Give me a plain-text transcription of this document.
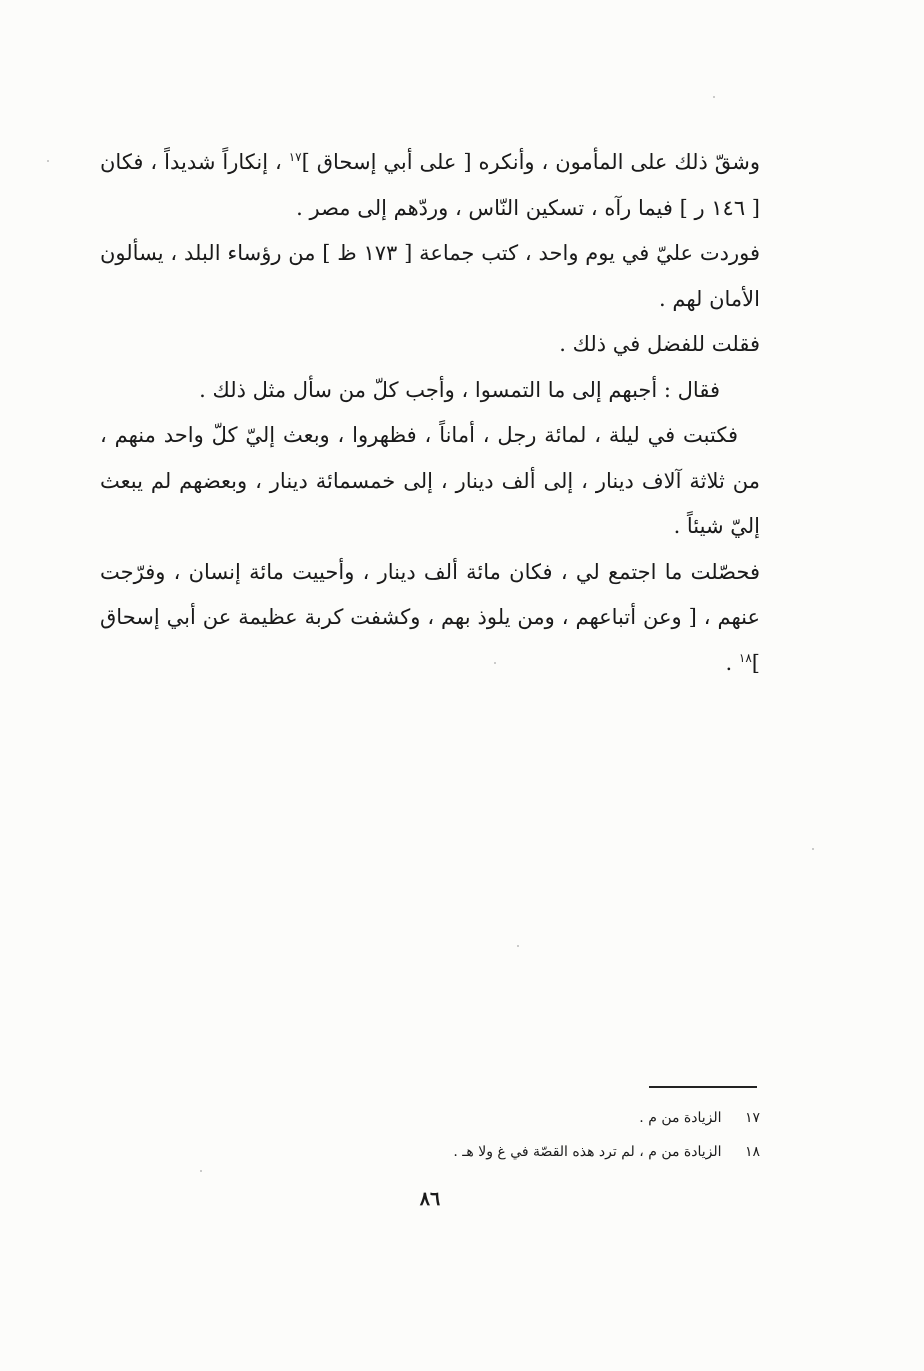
وشقّ ذلك على المأمون ، وأنكره [ على أبي إسحاق ]$^{١٧}$ ، إنكاراً شديداً ، فكان [ ١٤٦ ر ] فيما رآه ، تسكين النّاس ، وردّهم إلى مصر .

فوردت عليّ في يوم واحد ، كتب جماعة [ ١٧٣ ظ ] من رؤساء البلد ، يسألون الأمان لهم .

فقلت للفضل في ذلك .

فقال : أجبهم إلى ما التمسوا ، وأجب كلّ من سأل مثل ذلك .

فكتبت في ليلة ، لمائة رجل ، أماناً ، فظهروا ، وبعث إليّ كلّ واحد منهم ، من ثلاثة آلاف دينار ، إلى ألف دينار ، إلى خمسمائة دينار ، وبعضهم لم يبعث إليّ شيئاً .

فحصّلت ما اجتمع لي ، فكان مائة ألف دينار ، وأحييت مائة إنسان ، وفرّجت عنهم ، [ وعن أتباعهم ، ومن يلوذ بهم ، وكشفت كربة عظيمة عن أبي إسحاق ]$^{١٨}$ .

١٧ الزيادة من م .
١٨ الزيادة من م ، لم ترد هذه القصّة في غ ولا هـ .
٨٦
